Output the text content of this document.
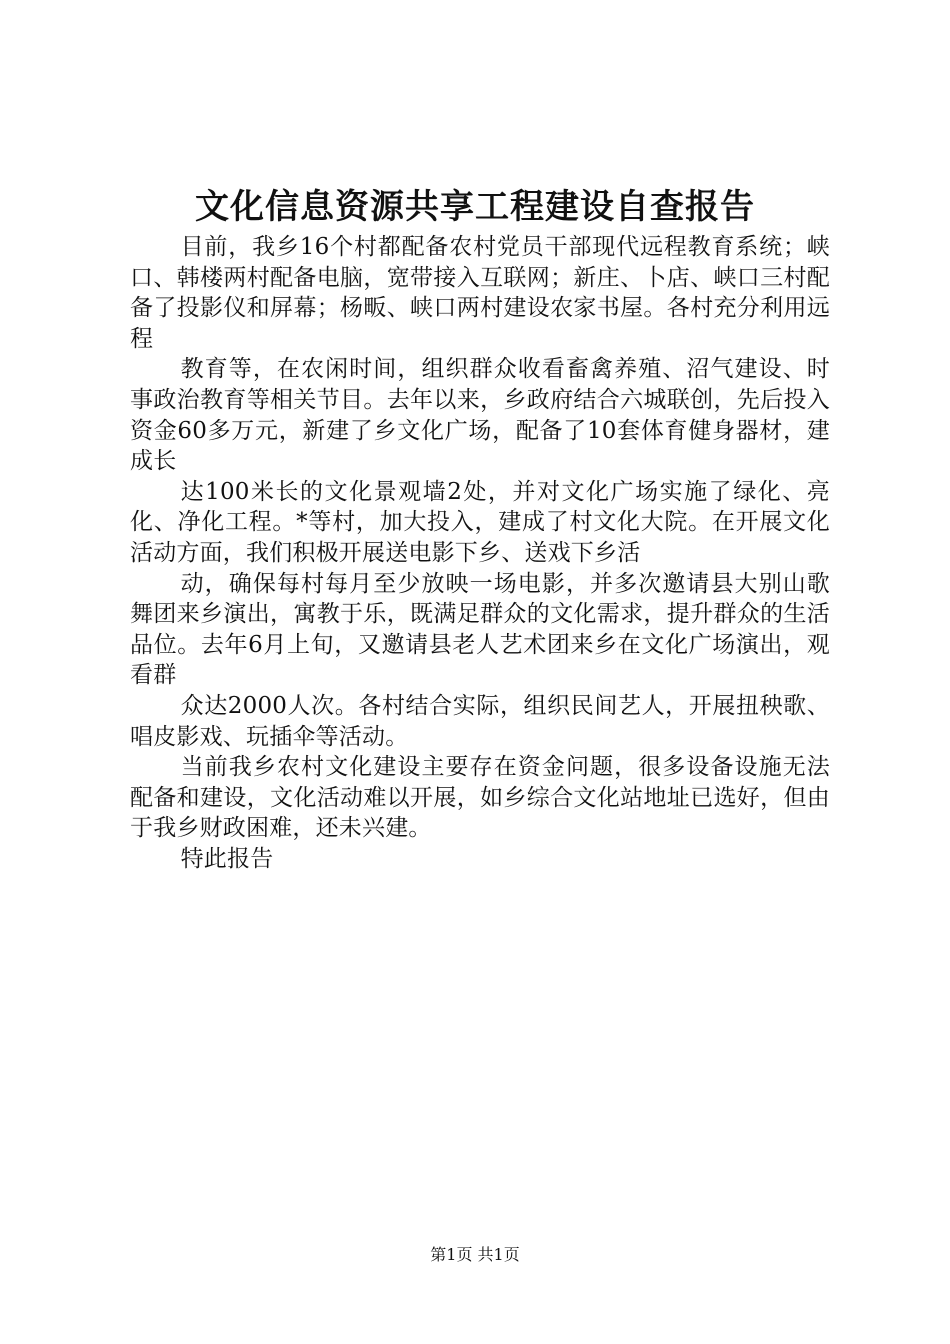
文化信息资源共享工程建设自查报告

目前，我乡16个村都配备农村党员干部现代远程教育系统；峡口、韩楼两村配备电脑，宽带接入互联网；新庄、卜店、峡口三村配备了投影仪和屏幕；杨畈、峡口两村建设农家书屋。各村充分利用远程

教育等，在农闲时间，组织群众收看畜禽养殖、沼气建设、时事政治教育等相关节目。去年以来，乡政府结合六城联创，先后投入资金60多万元，新建了乡文化广场，配备了10套体育健身器材，建成长

达100米长的文化景观墙2处，并对文化广场实施了绿化、亮化、净化工程。*等村，加大投入，建成了村文化大院。在开展文化活动方面，我们积极开展送电影下乡、送戏下乡活

动，确保每村每月至少放映一场电影，并多次邀请县大别山歌舞团来乡演出，寓教于乐，既满足群众的文化需求，提升群众的生活品位。去年6月上旬，又邀请县老人艺术团来乡在文化广场演出，观看群

众达2000人次。各村结合实际，组织民间艺人，开展扭秧歌、唱皮影戏、玩插伞等活动。

当前我乡农村文化建设主要存在资金问题，很多设备设施无法配备和建设，文化活动难以开展，如乡综合文化站地址已选好，但由于我乡财政困难，还未兴建。

特此报告

第1页 共1页
